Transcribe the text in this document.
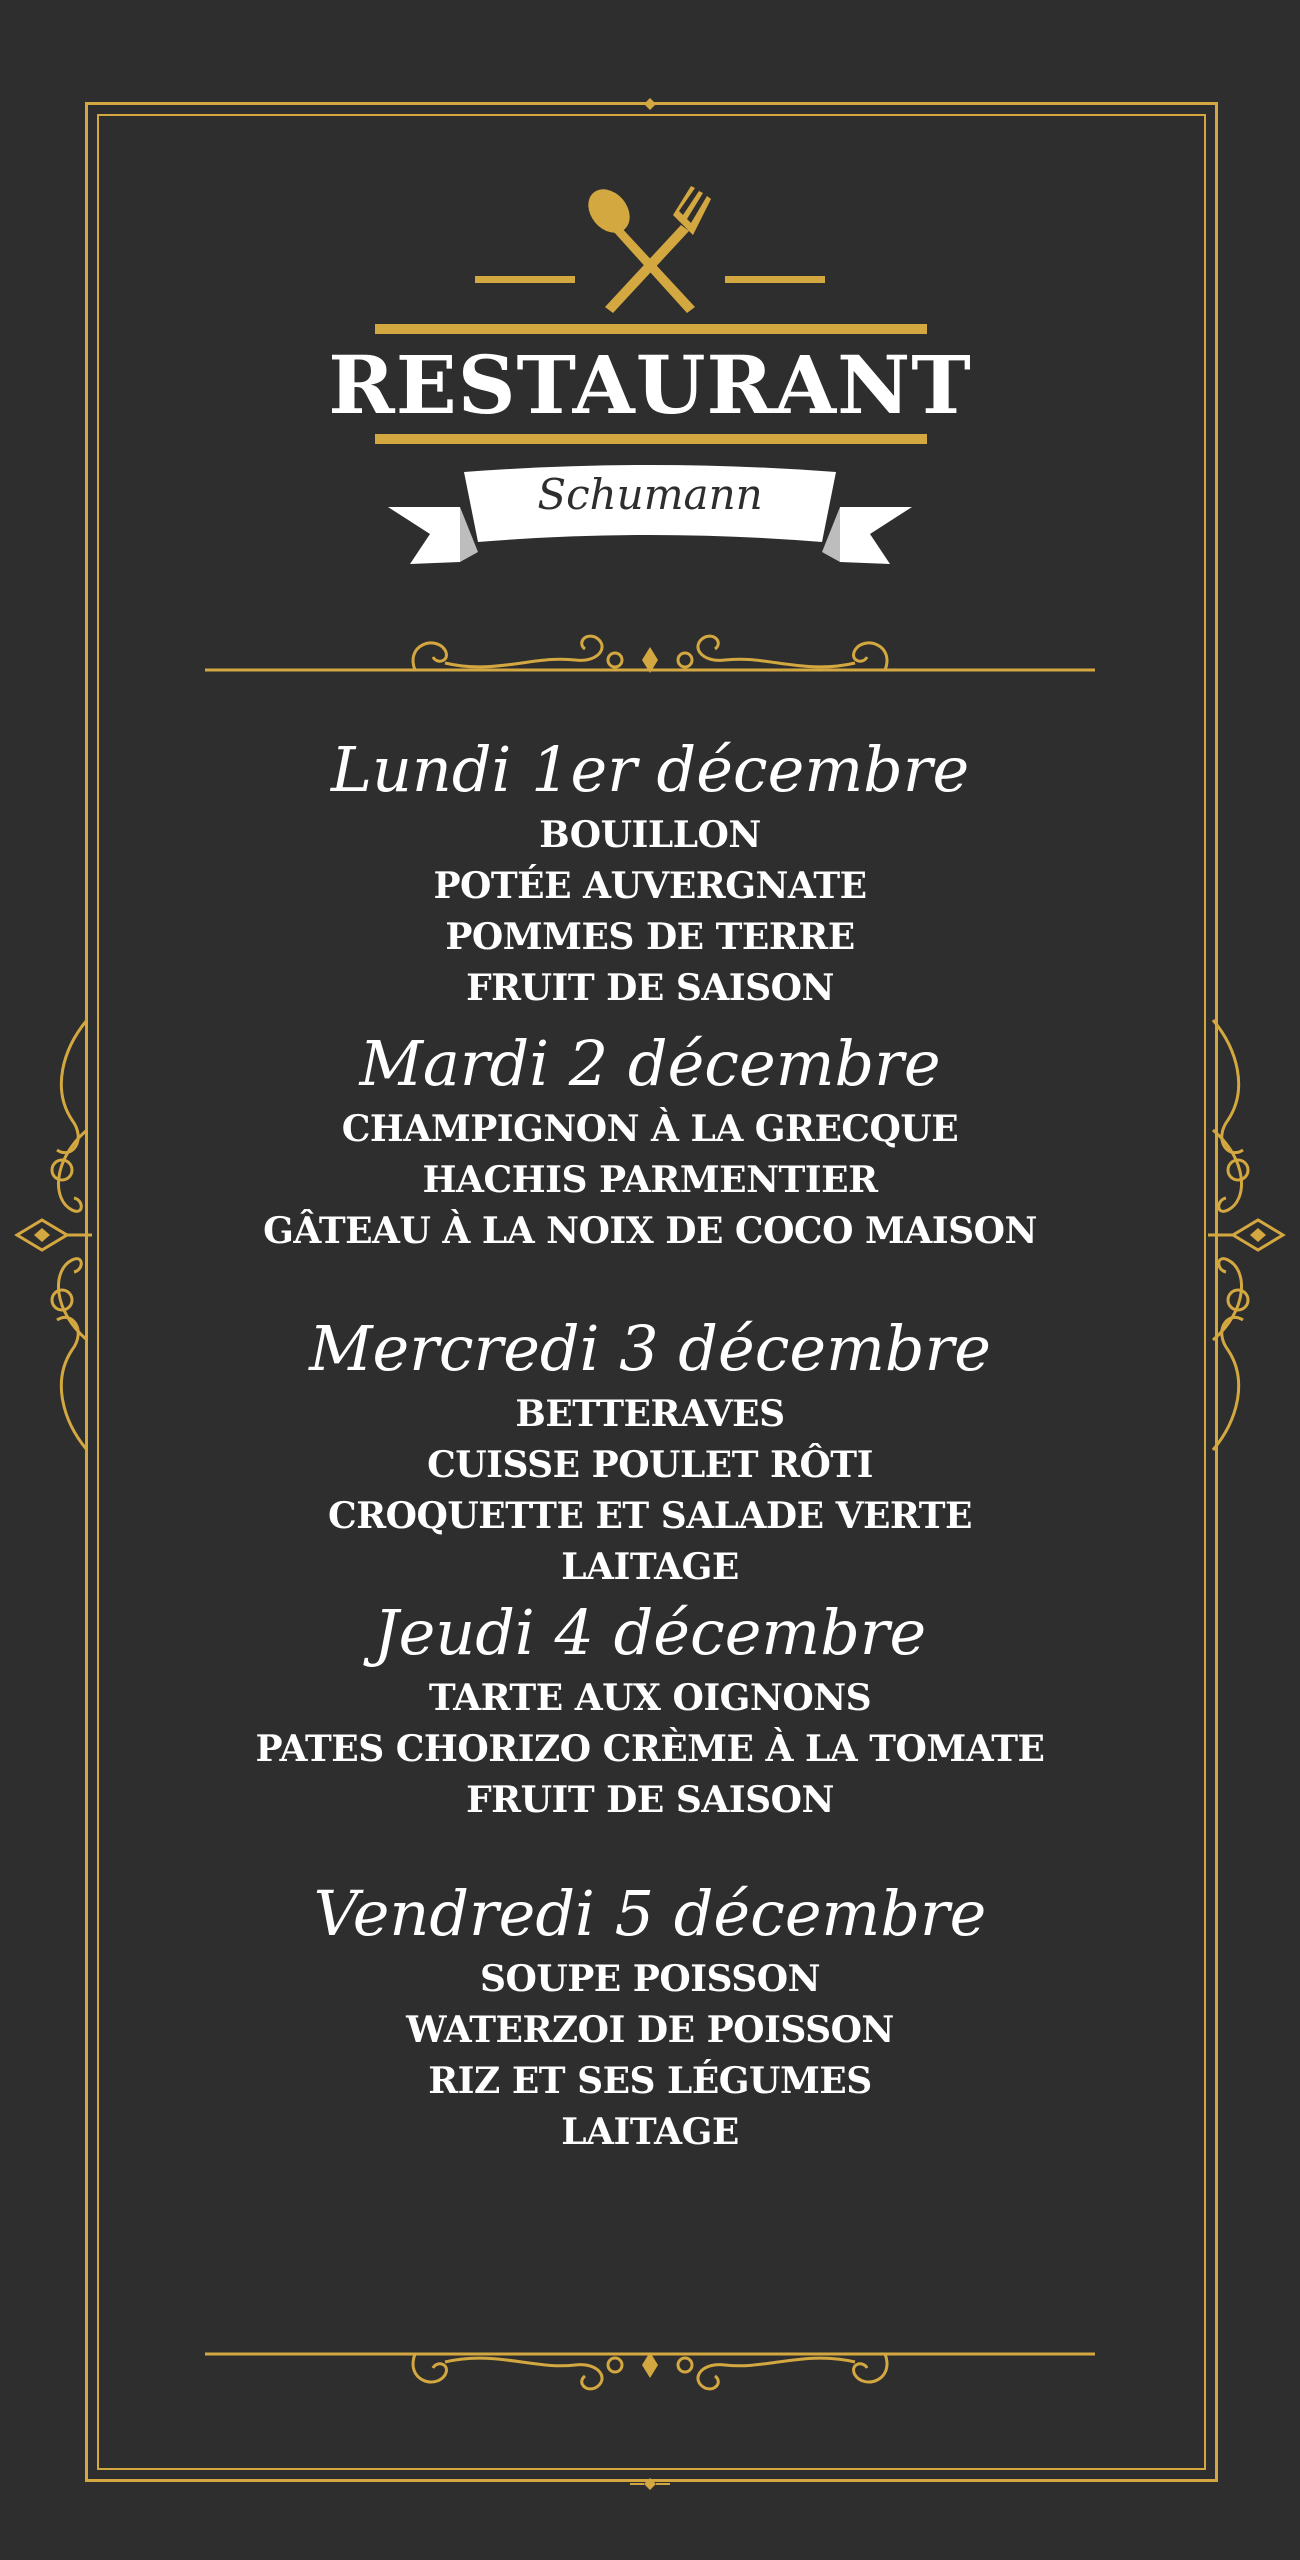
RESTAURANT
Schumann

Lundi 1er décembre

BOUILLON

POTÉE AUVERGNATE

POMMES DE TERRE

FRUIT DE SAISON

Mardi 2 décembre

CHAMPIGNON À LA GRECQUE

HACHIS PARMENTIER

GÂTEAU À LA NOIX DE COCO MAISON

Mercredi 3 décembre

BETTERAVES

CUISSE POULET RÔTI

CROQUETTE ET SALADE VERTE

LAITAGE

Jeudi 4 décembre

TARTE AUX OIGNONS

PATES CHORIZO CRÈME À LA TOMATE

FRUIT DE SAISON

Vendredi 5 décembre

SOUPE POISSON

WATERZOI DE POISSON

RIZ ET SES LÉGUMES

LAITAGE
